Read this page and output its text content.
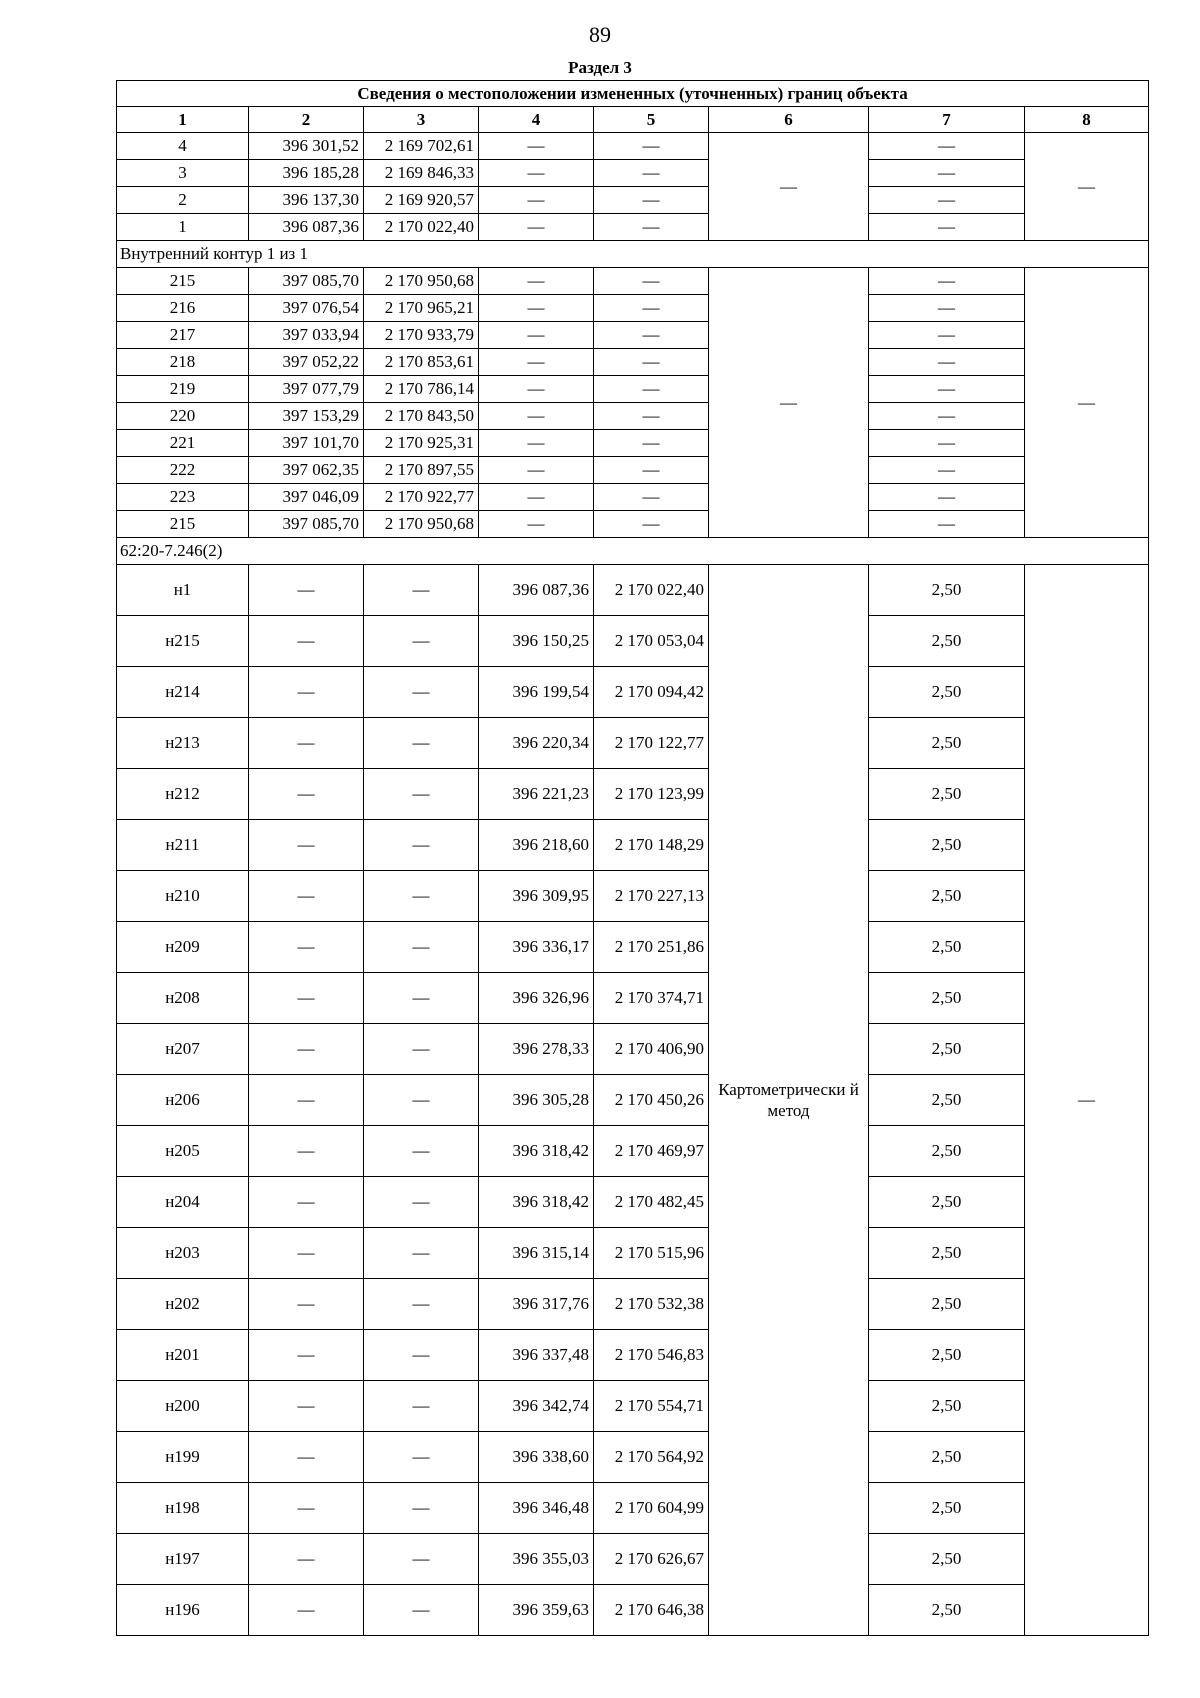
89
Раздел 3
Сведения о местоположении измененных (уточненных) границ объекта							
1	2	3	4	5	6	7	8
4	396 301,52	2 169 702,61	—	—	—	—	—
3	396 185,28	2 169 846,33	—	—		—	
2	396 137,30	2 169 920,57	—	—		—	
1	396 087,36	2 170 022,40	—	—		—	
Внутренний контур 1 из 1							
215	397 085,70	2 170 950,68	—	—	—	—	—
216	397 076,54	2 170 965,21	—	—		—	
217	397 033,94	2 170 933,79	—	—		—	
218	397 052,22	2 170 853,61	—	—		—	
219	397 077,79	2 170 786,14	—	—		—	
220	397 153,29	2 170 843,50	—	—		—	
221	397 101,70	2 170 925,31	—	—		—	
222	397 062,35	2 170 897,55	—	—		—	
223	397 046,09	2 170 922,77	—	—		—	
215	397 085,70	2 170 950,68	—	—		—	
62:20-7.246(2)							
н1	—	—	396 087,36	2 170 022,40	Картометрически й метод	2,50	—
н215	—	—	396 150,25	2 170 053,04		2,50	
н214	—	—	396 199,54	2 170 094,42		2,50	
н213	—	—	396 220,34	2 170 122,77		2,50	
н212	—	—	396 221,23	2 170 123,99		2,50	
н211	—	—	396 218,60	2 170 148,29		2,50	
н210	—	—	396 309,95	2 170 227,13		2,50	
н209	—	—	396 336,17	2 170 251,86		2,50	
н208	—	—	396 326,96	2 170 374,71		2,50	
н207	—	—	396 278,33	2 170 406,90		2,50	
н206	—	—	396 305,28	2 170 450,26		2,50	
н205	—	—	396 318,42	2 170 469,97		2,50	
н204	—	—	396 318,42	2 170 482,45		2,50	
н203	—	—	396 315,14	2 170 515,96		2,50	
н202	—	—	396 317,76	2 170 532,38		2,50	
н201	—	—	396 337,48	2 170 546,83		2,50	
н200	—	—	396 342,74	2 170 554,71		2,50	
н199	—	—	396 338,60	2 170 564,92		2,50	
н198	—	—	396 346,48	2 170 604,99		2,50	
н197	—	—	396 355,03	2 170 626,67		2,50	
н196	—	—	396 359,63	2 170 646,38		2,50	
